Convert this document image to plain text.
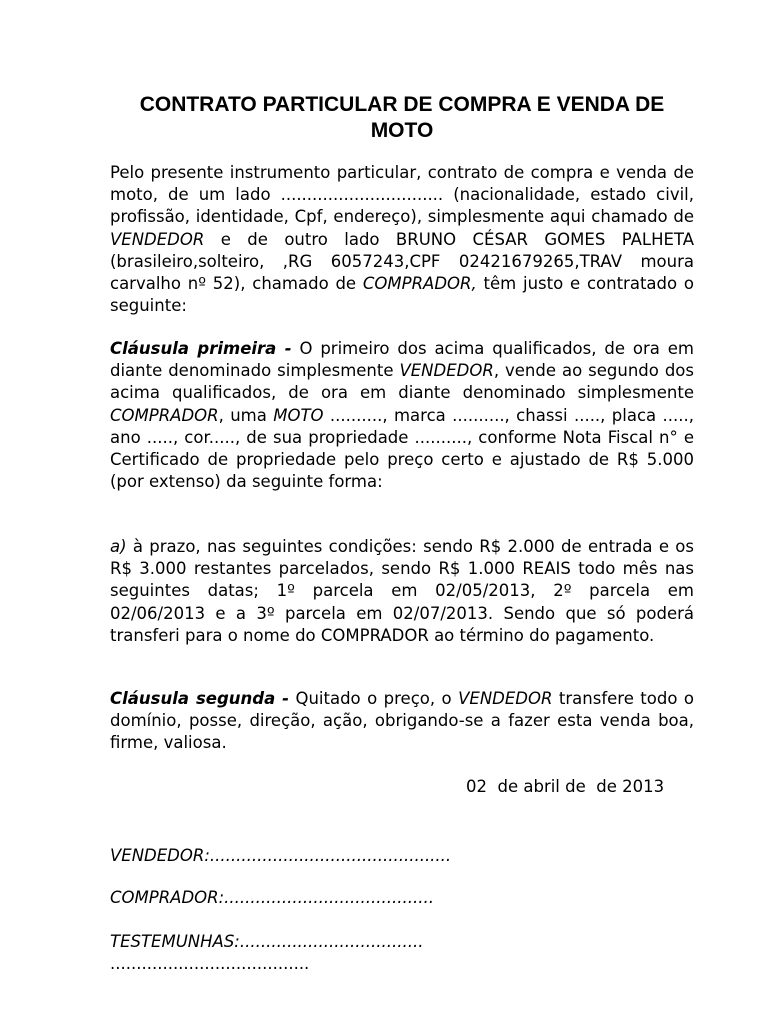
CONTRATO PARTICULAR DE COMPRA E VENDA DE MOTO
Pelo presente instrumento particular, contrato de compra e venda de moto, de um lado ............................... (nacionalidade, estado civil, profissão, identidade, Cpf, endereço), simplesmente aqui chamado de VENDEDOR e de outro lado BRUNO CÉSAR GOMES PALHETA (brasileiro,solteiro, ,RG 6057243,CPF 02421679265,TRAV moura carvalho nº 52), chamado de COMPRADOR, têm justo e contratado o seguinte:
Cláusula primeira - O primeiro dos acima qualificados, de ora em diante denominado simplesmente VENDEDOR, vende ao segundo dos acima qualificados, de ora em diante denominado simplesmente COMPRADOR, uma MOTO .........., marca .........., chassi ....., placa ....., ano ....., cor....., de sua propriedade .........., conforme Nota Fiscal n° e Certificado de propriedade pelo preço certo e ajustado de R$ 5.000 (por extenso) da seguinte forma:
a) à prazo, nas seguintes condições: sendo R$ 2.000 de entrada e os R$ 3.000 restantes parcelados, sendo R$ 1.000 REAIS todo mês nas seguintes datas; 1º parcela em 02/05/2013, 2º parcela em 02/06/2013 e a 3º parcela em 02/07/2013. Sendo que só poderá transferi para o nome do COMPRADOR ao término do pagamento.
Cláusula segunda - Quitado o preço, o VENDEDOR transfere todo o domínio, posse, direção, ação, obrigando-se a fazer esta venda boa, firme, valiosa.
02  de abril de  de 2013
VENDEDOR:..............................................
COMPRADOR:........................................
TESTEMUNHAS:...................................
......................................
